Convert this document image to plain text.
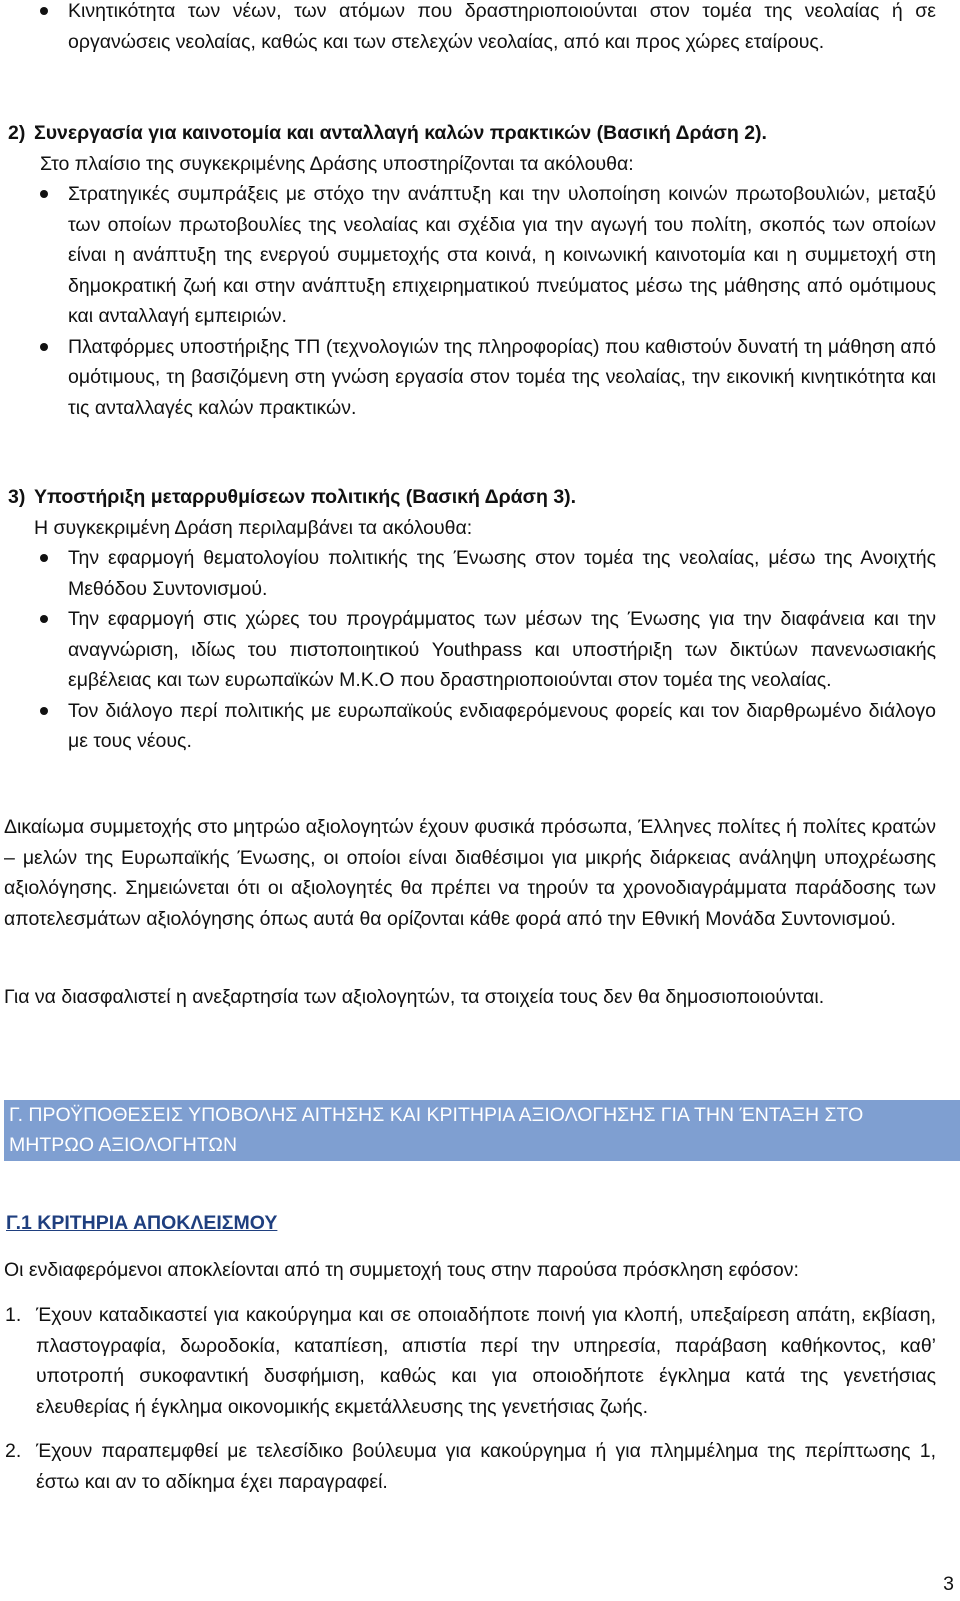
Κινητικότητα των νέων, των ατόμων που δραστηριοποιούνται στον τομέα της νεολαίας ή σε οργανώσεις νεολαίας, καθώς και των στελεχών νεολαίας, από και προς χώρες εταίρους.

2) Συνεργασία για καινοτομία και ανταλλαγή καλών πρακτικών (Βασική Δράση 2).

Στο πλαίσιο της συγκεκριμένης Δράσης υποστηρίζονται τα ακόλουθα:

Στρατηγικές συμπράξεις με στόχο την ανάπτυξη και την υλοποίηση κοινών πρωτοβουλιών, μεταξύ των οποίων πρωτοβουλίες της νεολαίας και σχέδια για την αγωγή του πολίτη, σκοπός των οποίων είναι η ανάπτυξη της ενεργού συμμετοχής στα κοινά, η κοινωνική καινοτομία και η συμμετοχή στη δημοκρατική ζωή και στην ανάπτυξη επιχειρηματικού πνεύματος μέσω της μάθησης από ομότιμους και ανταλλαγή εμπειριών.

Πλατφόρμες υποστήριξης ΤΠ (τεχνολογιών της πληροφορίας) που καθιστούν δυνατή τη μάθηση από ομότιμους, τη βασιζόμενη στη γνώση εργασία στον τομέα της νεολαίας, την εικονική κινητικότητα και τις ανταλλαγές καλών πρακτικών.

3) Υποστήριξη μεταρρυθμίσεων πολιτικής (Βασική Δράση 3).

Η συγκεκριμένη Δράση περιλαμβάνει τα ακόλουθα:

Την εφαρμογή θεματολογίου πολιτικής της Ένωσης στον τομέα της νεολαίας, μέσω της Ανοιχτής Μεθόδου Συντονισμού.

Την εφαρμογή στις χώρες του προγράμματος των μέσων της Ένωσης για την διαφάνεια και την αναγνώριση, ιδίως του πιστοποιητικού Youthpass και υποστήριξη των δικτύων πανενωσιακής εμβέλειας και των ευρωπαϊκών Μ.Κ.Ο που δραστηριοποιούνται στον τομέα της νεολαίας.

Τον διάλογο περί πολιτικής με ευρωπαϊκούς ενδιαφερόμενους φορείς και τον διαρθρωμένο διάλογο με τους νέους.

Δικαίωμα συμμετοχής στο μητρώο αξιολογητών έχουν φυσικά πρόσωπα, Έλληνες πολίτες ή πολίτες κρατών – μελών της Ευρωπαϊκής Ένωσης, οι οποίοι είναι διαθέσιμοι για μικρής διάρκειας ανάληψη υποχρέωσης αξιολόγησης. Σημειώνεται ότι οι αξιολογητές θα πρέπει να τηρούν τα χρονοδιαγράμματα παράδοσης των αποτελεσμάτων αξιολόγησης όπως αυτά θα ορίζονται κάθε φορά από την Εθνική Μονάδα Συντονισμού.

Για να διασφαλιστεί η ανεξαρτησία των αξιολογητών, τα στοιχεία τους δεν θα δημοσιοποιούνται.

Γ. ΠΡΟΫΠΟΘΕΣΕΙΣ ΥΠΟΒΟΛΗΣ ΑΙΤΗΣΗΣ ΚΑΙ ΚΡΙΤΗΡΙΑ ΑΞΙΟΛΟΓΗΣΗΣ ΓΙΑ ΤΗΝ ΈΝΤΑΞΗ ΣΤΟ
ΜΗΤΡΩΟ ΑΞΙΟΛΟΓΗΤΩΝ
Γ.1 ΚΡΙΤΗΡΙΑ ΑΠΟΚΛΕΙΣΜΟΥ

Οι ενδιαφερόμενοι αποκλείονται από τη συμμετοχή τους στην παρούσα πρόσκληση εφόσον:

1. Έχουν καταδικαστεί για κακούργημα και σε οποιαδήποτε ποινή για κλοπή, υπεξαίρεση απάτη, εκβίαση, πλαστογραφία, δωροδοκία, καταπίεση, απιστία περί την υπηρεσία, παράβαση καθήκοντος, καθ’ υποτροπή συκοφαντική δυσφήμιση, καθώς και για οποιοδήποτε έγκλημα κατά της γενετήσιας ελευθερίας ή έγκλημα οικονομικής εκμετάλλευσης της γενετήσιας ζωής.

2. Έχουν παραπεμφθεί με τελεσίδικο βούλευμα για κακούργημα ή για πλημμέλημα της περίπτωσης 1, έστω και αν το αδίκημα έχει παραγραφεί.

3
